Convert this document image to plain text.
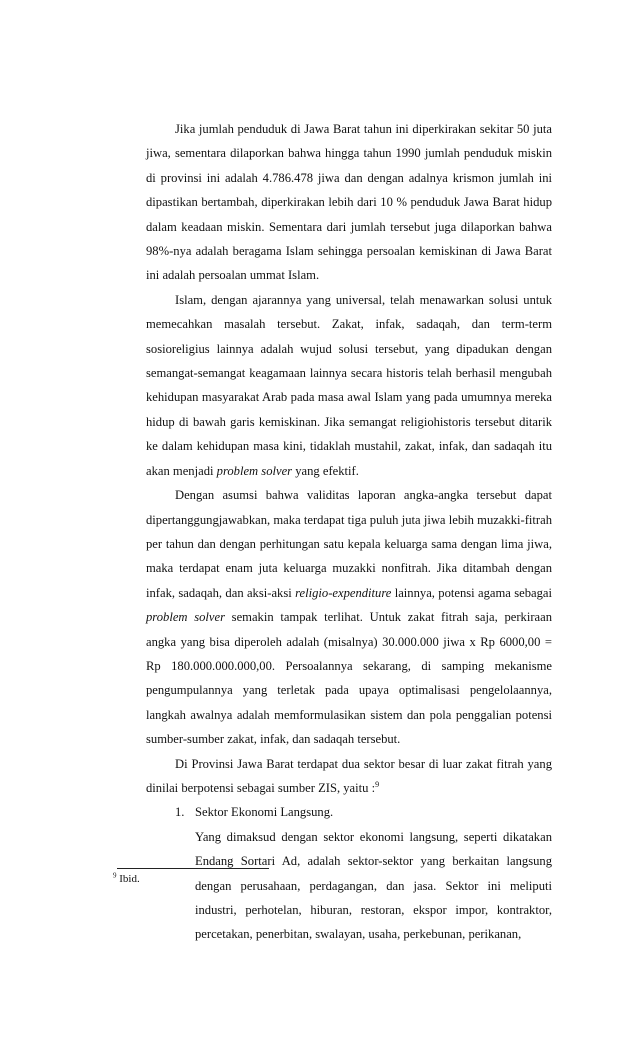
Jika jumlah penduduk di Jawa Barat tahun ini diperkirakan sekitar 50 juta jiwa, sementara dilaporkan bahwa hingga tahun 1990 jumlah penduduk miskin di provinsi ini adalah 4.786.478 jiwa dan dengan adalnya krismon jumlah ini dipastikan bertambah, diperkirakan lebih dari 10 % penduduk Jawa Barat hidup dalam keadaan miskin. Sementara dari jumlah tersebut juga dilaporkan bahwa 98%-nya adalah beragama Islam sehingga persoalan kemiskinan di Jawa Barat ini adalah persoalan ummat Islam.

Islam, dengan ajarannya yang universal, telah menawarkan solusi untuk memecahkan masalah tersebut. Zakat, infak, sadaqah, dan term-term sosioreligius lainnya adalah wujud solusi tersebut, yang dipadukan dengan semangat-semangat keagamaan lainnya secara historis telah berhasil mengubah kehidupan masyarakat Arab pada masa awal Islam yang pada umumnya mereka hidup di bawah garis kemiskinan. Jika semangat religiohistoris tersebut ditarik ke dalam kehidupan masa kini, tidaklah mustahil, zakat, infak, dan sadaqah itu akan menjadi problem solver yang efektif.

Dengan asumsi bahwa validitas laporan angka-angka tersebut dapat dipertanggungjawabkan, maka terdapat tiga puluh juta jiwa lebih muzakki-fitrah per tahun dan dengan perhitungan satu kepala keluarga sama dengan lima jiwa, maka terdapat enam juta keluarga muzakki nonfitrah. Jika ditambah dengan infak, sadaqah, dan aksi-aksi religio-expenditure lainnya, potensi agama sebagai problem solver semakin tampak terlihat. Untuk zakat fitrah saja, perkiraan angka yang bisa diperoleh adalah (misalnya) 30.000.000 jiwa x Rp 6000,00 = Rp 180.000.000.000,00. Persoalannya sekarang, di samping mekanisme pengumpulannya yang terletak pada upaya optimalisasi pengelolaannya, langkah awalnya adalah memformulasikan sistem dan pola penggalian potensi sumber-sumber zakat, infak, dan sadaqah tersebut.

Di Provinsi Jawa Barat terdapat dua sektor besar di luar zakat fitrah yang dinilai berpotensi sebagai sumber ZIS, yaitu :$^9$

1. Sektor Ekonomi Langsung.
Yang dimaksud dengan sektor ekonomi langsung, seperti dikatakan Endang Sortari Ad, adalah sektor-sektor yang berkaitan langsung dengan perusahaan, perdagangan, dan jasa. Sektor ini meliputi industri, perhotelan, hiburan, restoran, ekspor impor, kontraktor, percetakan, penerbitan, swalayan, usaha, perkebunan, perikanan,
$^9$ Ibid.
